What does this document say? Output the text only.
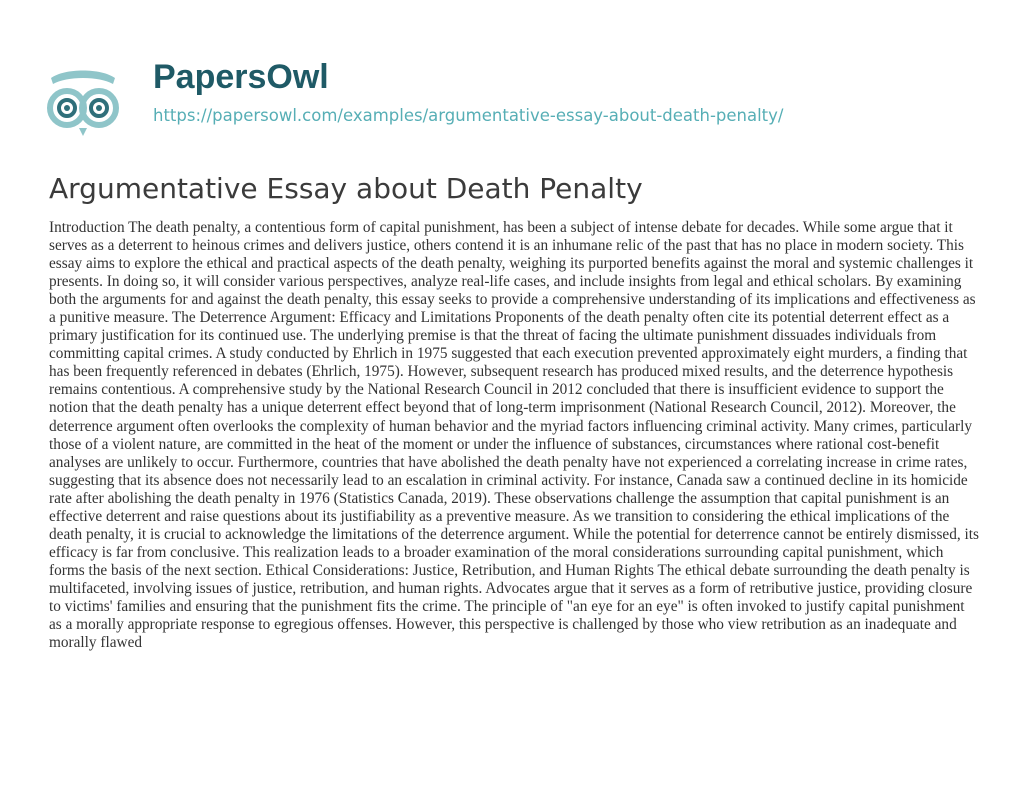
PapersOwl
https://papersowl.com/examples/argumentative-essay-about-death-penalty/
Argumentative Essay about Death Penalty

Introduction The death penalty, a contentious form of capital punishment, has been a subject of intense debate for decades. While some argue that it serves as a deterrent to heinous crimes and delivers justice, others contend it is an inhumane relic of the past that has no place in modern society. This essay aims to explore the ethical and practical aspects of the death penalty, weighing its purported benefits against the moral and systemic challenges it presents. In doing so, it will consider various perspectives, analyze real-life cases, and include insights from legal and ethical scholars. By examining both the arguments for and against the death penalty, this essay seeks to provide a comprehensive understanding of its implications and effectiveness as a punitive measure. The Deterrence Argument: Efficacy and Limitations Proponents of the death penalty often cite its potential deterrent effect as a primary justification for its continued use. The underlying premise is that the threat of facing the ultimate punishment dissuades individuals from committing capital crimes. A study conducted by Ehrlich in 1975 suggested that each execution prevented approximately eight murders, a finding that has been frequently referenced in debates (Ehrlich, 1975). However, subsequent research has produced mixed results, and the deterrence hypothesis remains contentious. A comprehensive study by the National Research Council in 2012 concluded that there is insufficient evidence to support the notion that the death penalty has a unique deterrent effect beyond that of long-term imprisonment (National Research Council, 2012). Moreover, the deterrence argument often overlooks the complexity of human behavior and the myriad factors influencing criminal activity. Many crimes, particularly those of a violent nature, are committed in the heat of the moment or under the influence of substances, circumstances where rational cost-benefit analyses are unlikely to occur. Furthermore, countries that have abolished the death penalty have not experienced a correlating increase in crime rates, suggesting that its absence does not necessarily lead to an escalation in criminal activity. For instance, Canada saw a continued decline in its homicide rate after abolishing the death penalty in 1976 (Statistics Canada, 2019). These observations challenge the assumption that capital punishment is an effective deterrent and raise questions about its justifiability as a preventive measure. As we transition to considering the ethical implications of the death penalty, it is crucial to acknowledge the limitations of the deterrence argument. While the potential for deterrence cannot be entirely dismissed, its efficacy is far from conclusive. This realization leads to a broader examination of the moral considerations surrounding capital punishment, which forms the basis of the next section. Ethical Considerations: Justice, Retribution, and Human Rights The ethical debate surrounding the death penalty is multifaceted, involving issues of justice, retribution, and human rights. Advocates argue that it serves as a form of retributive justice, providing closure to victims' families and ensuring that the punishment fits the crime. The principle of "an eye for an eye" is often invoked to justify capital punishment as a morally appropriate response to egregious offenses. However, this perspective is challenged by those who view retribution as an inadequate and morally flawed
